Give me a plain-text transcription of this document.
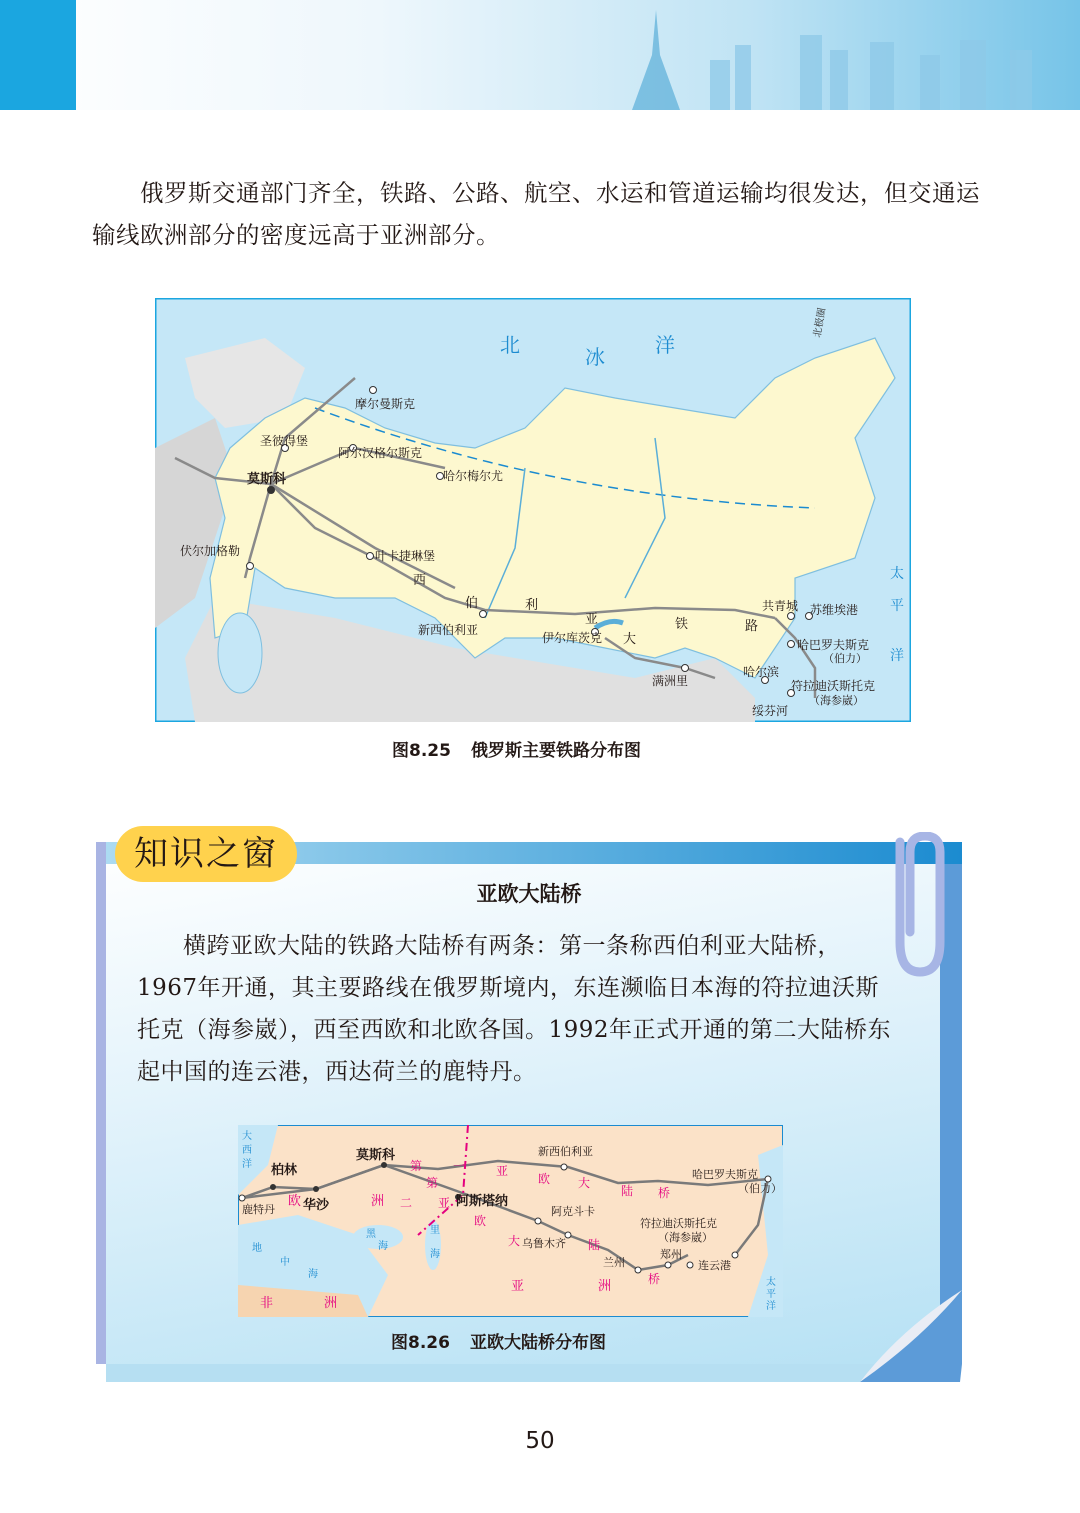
俄罗斯交通部门齐全，铁路、公路、航空、水运和管道运输均很发达，但交通运输线欧洲部分的密度远高于亚洲部分。

摩尔曼斯克
圣彼得堡
阿尔汉格尔斯克
莫斯科	哈尔梅尔尤
伏尔加格勒	叶卡捷琳堡
新西伯利亚
伊尔库茨克
满洲里
哈尔滨
绥芬河
共青城 苏维埃港
哈巴罗夫斯克
（伯力）
符拉迪沃斯托克
（海参崴）
西
伯	利
亚
大
铁	路
北	冰 洋
太
平
洋
北极圈
图8.25 俄罗斯主要铁路分布图
知识之窗
亚欧大陆桥

横跨亚欧大陆的铁路大陆桥有两条：第一条称西伯利亚大陆桥，1967年开通，其主要路线在俄罗斯境内，东连濒临日本海的符拉迪沃斯托克（海参崴），西至西欧和北欧各国。1992年正式开通的第二大陆桥东起中国的连云港，西达荷兰的鹿特丹。

鹿特丹
柏林
华沙
莫斯科	新西伯利亚
阿斯塔纳
阿克斗卡
乌鲁木齐
兰州
郑州
连云港
哈巴罗夫斯克
（伯力）
符拉迪沃斯托克
（海参崴）
第	一	亚
欧 大
陆 桥
第
二 亚
欧
大	陆
桥
欧	洲
亚	洲
非	洲
大
西
洋
地
中
海
黑
海
里
海
太
平
洋
图8.26 亚欧大陆桥分布图
50
